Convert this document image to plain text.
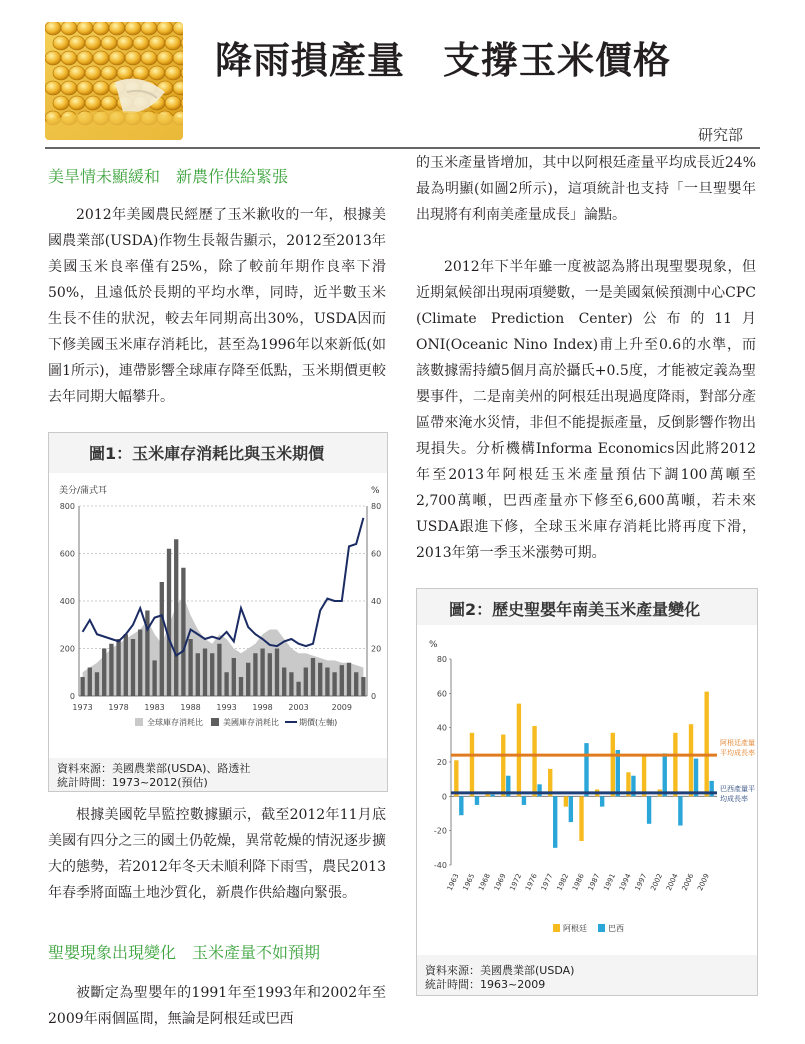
降雨損產量　支撐玉米價格
研究部
美旱情未顯緩和　新農作供給緊張

2012年美國農民經歷了玉米歉收的一年，根據美國農業部(USDA)作物生長報告顯示，2012至2013年美國玉米良率僅有25%，除了較前年期作良率下滑50%，且遠低於長期的平均水準，同時，近半數玉米生長不佳的狀況，較去年同期高出30%，USDA因而下修美國玉米庫存消耗比，甚至為1996年以來新低(如圖1所示)，連帶影響全球庫存降至低點，玉米期價更較去年同期大幅攀升。

圖1：玉米庫存消耗比與玉米期價
美分/蒲式耳	%
0	0
200	20
400	40
600	60
800	80
1973 1978 1983 1988 1993 1998 2003	2009
全球庫存消耗比	美國庫存消耗比	期價(左軸)
資料來源：美國農業部(USDA)、路透社
統計時間：1973~2012(預估)

根據美國乾旱監控數據顯示，截至2012年11月底美國有四分之三的國土仍乾燥，異常乾燥的情況逐步擴大的態勢，若2012年冬天未順利降下雨雪，農民2013年春季將面臨土地沙質化，新農作供給趨向緊張。

聖嬰現象出現變化　玉米產量不如預期

被斷定為聖嬰年的1991年至1993年和2002年至2009年兩個區間，無論是阿根廷或巴西

的玉米產量皆增加，其中以阿根廷產量平均成長近24%最為明顯(如圖2所示)，這項統計也支持「一旦聖嬰年出現將有利南美產量成長」論點。

2012年下半年雖一度被認為將出現聖嬰現象，但近期氣候卻出現兩項變數，一是美國氣候預測中心CPC (Climate Prediction Center)公布的11月ONI(Oceanic Nino Index)甫上升至0.6的水準，而該數據需持續5個月高於攝氏+0.5度，才能被定義為聖嬰事件，二是南美州的阿根廷出現過度降雨，對部分產區帶來淹水災情，非但不能提振產量，反倒影響作物出現損失。分析機構Informa Economics因此將2012年至2013年阿根廷玉米產量預估下調100萬噸至2,700萬噸，巴西產量亦下修至6,600萬噸，若未來USDA跟進下修，全球玉米庫存消耗比將再度下滑，2013年第一季玉米漲勢可期。

圖2：歷史聖嬰年南美玉米產量變化
%
-40
-20
0
20
40
60
80
1963 1965 1968 1969 1972 1976 1977 1982 1986 1987 1991 1994 1997 2002 2004 2006 2009
阿根廷產量
平均成長率
巴西產量平
均成長率
阿根廷	巴西
資料來源：美國農業部(USDA)
統計時間：1963~2009
